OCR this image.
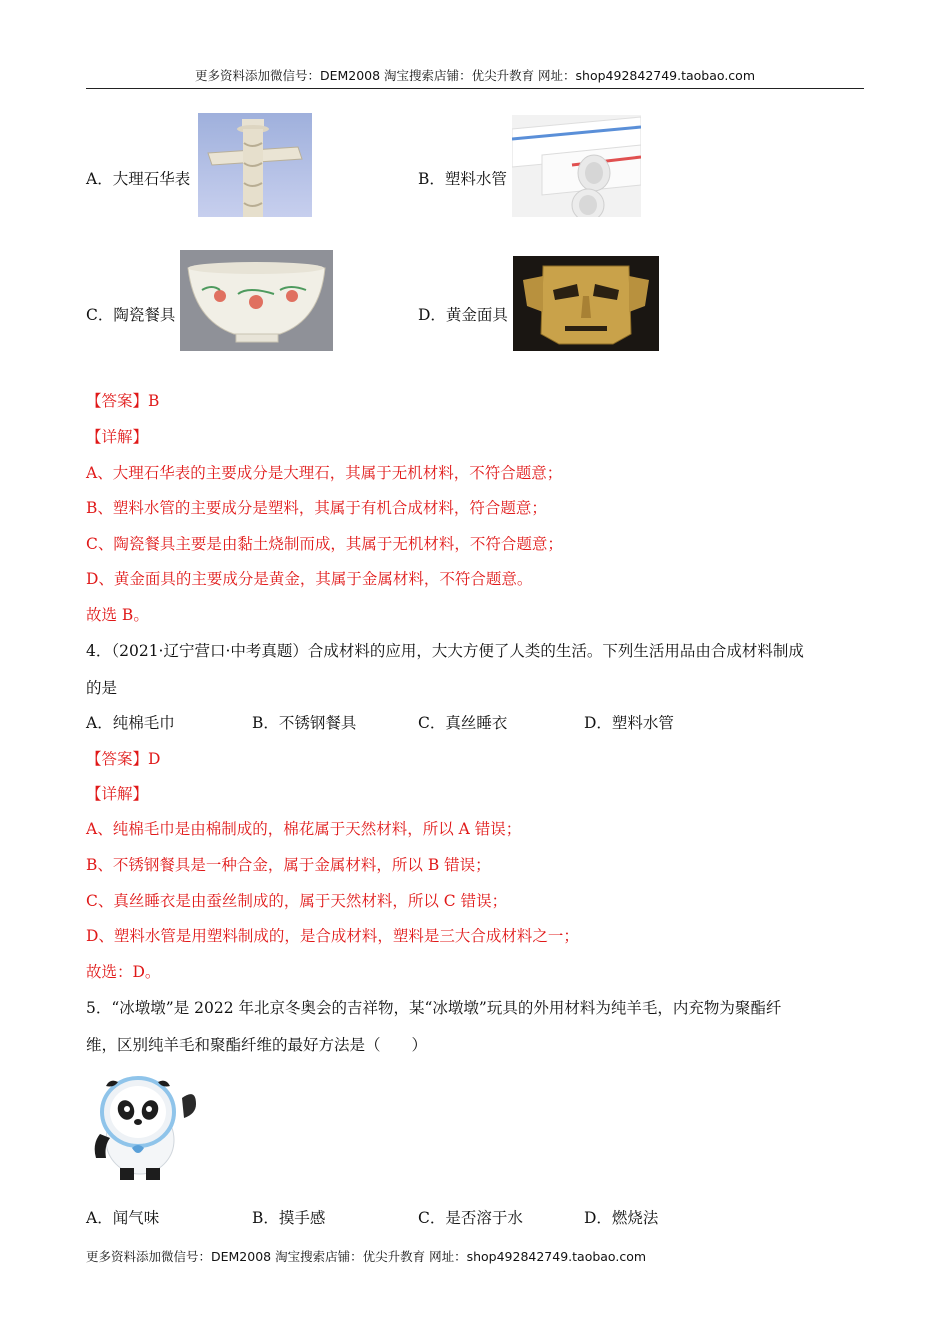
更多资料添加微信号：DEM2008 淘宝搜索店铺：优尖升教育 网址：shop492842749.taobao.com
A．大理石华表	B．塑料水管
C．陶瓷餐具	D．黄金面具
【答案】B
【详解】
A、大理石华表的主要成分是大理石，其属于无机材料，不符合题意；
B、塑料水管的主要成分是塑料，其属于有机合成材料，符合题意；
C、陶瓷餐具主要是由黏土烧制而成，其属于无机材料，不符合题意；
D、黄金面具的主要成分是黄金，其属于金属材料，不符合题意。
故选 B。
4．（2021·辽宁营口·中考真题）合成材料的应用，大大方便了人类的生活。下列生活用品由合成材料制成
的是
A．纯棉毛巾	B．不锈钢餐具	C．真丝睡衣	D．塑料水管
【答案】D
【详解】
A、纯棉毛巾是由棉制成的，棉花属于天然材料，所以 A 错误；
B、不锈钢餐具是一种合金，属于金属材料，所以 B 错误；
C、真丝睡衣是由蚕丝制成的，属于天然材料，所以 C 错误；
D、塑料水管是用塑料制成的，是合成材料，塑料是三大合成材料之一；
故选：D。
5．“冰墩墩”是 2022 年北京冬奥会的吉祥物，某“冰墩墩”玩具的外用材料为纯羊毛，内充物为聚酯纤
维，区别纯羊毛和聚酯纤维的最好方法是（　　）
A．闻气味	B．摸手感	C．是否溶于水	D．燃烧法
更多资料添加微信号：DEM2008 淘宝搜索店铺：优尖升教育 网址：shop492842749.taobao.com
